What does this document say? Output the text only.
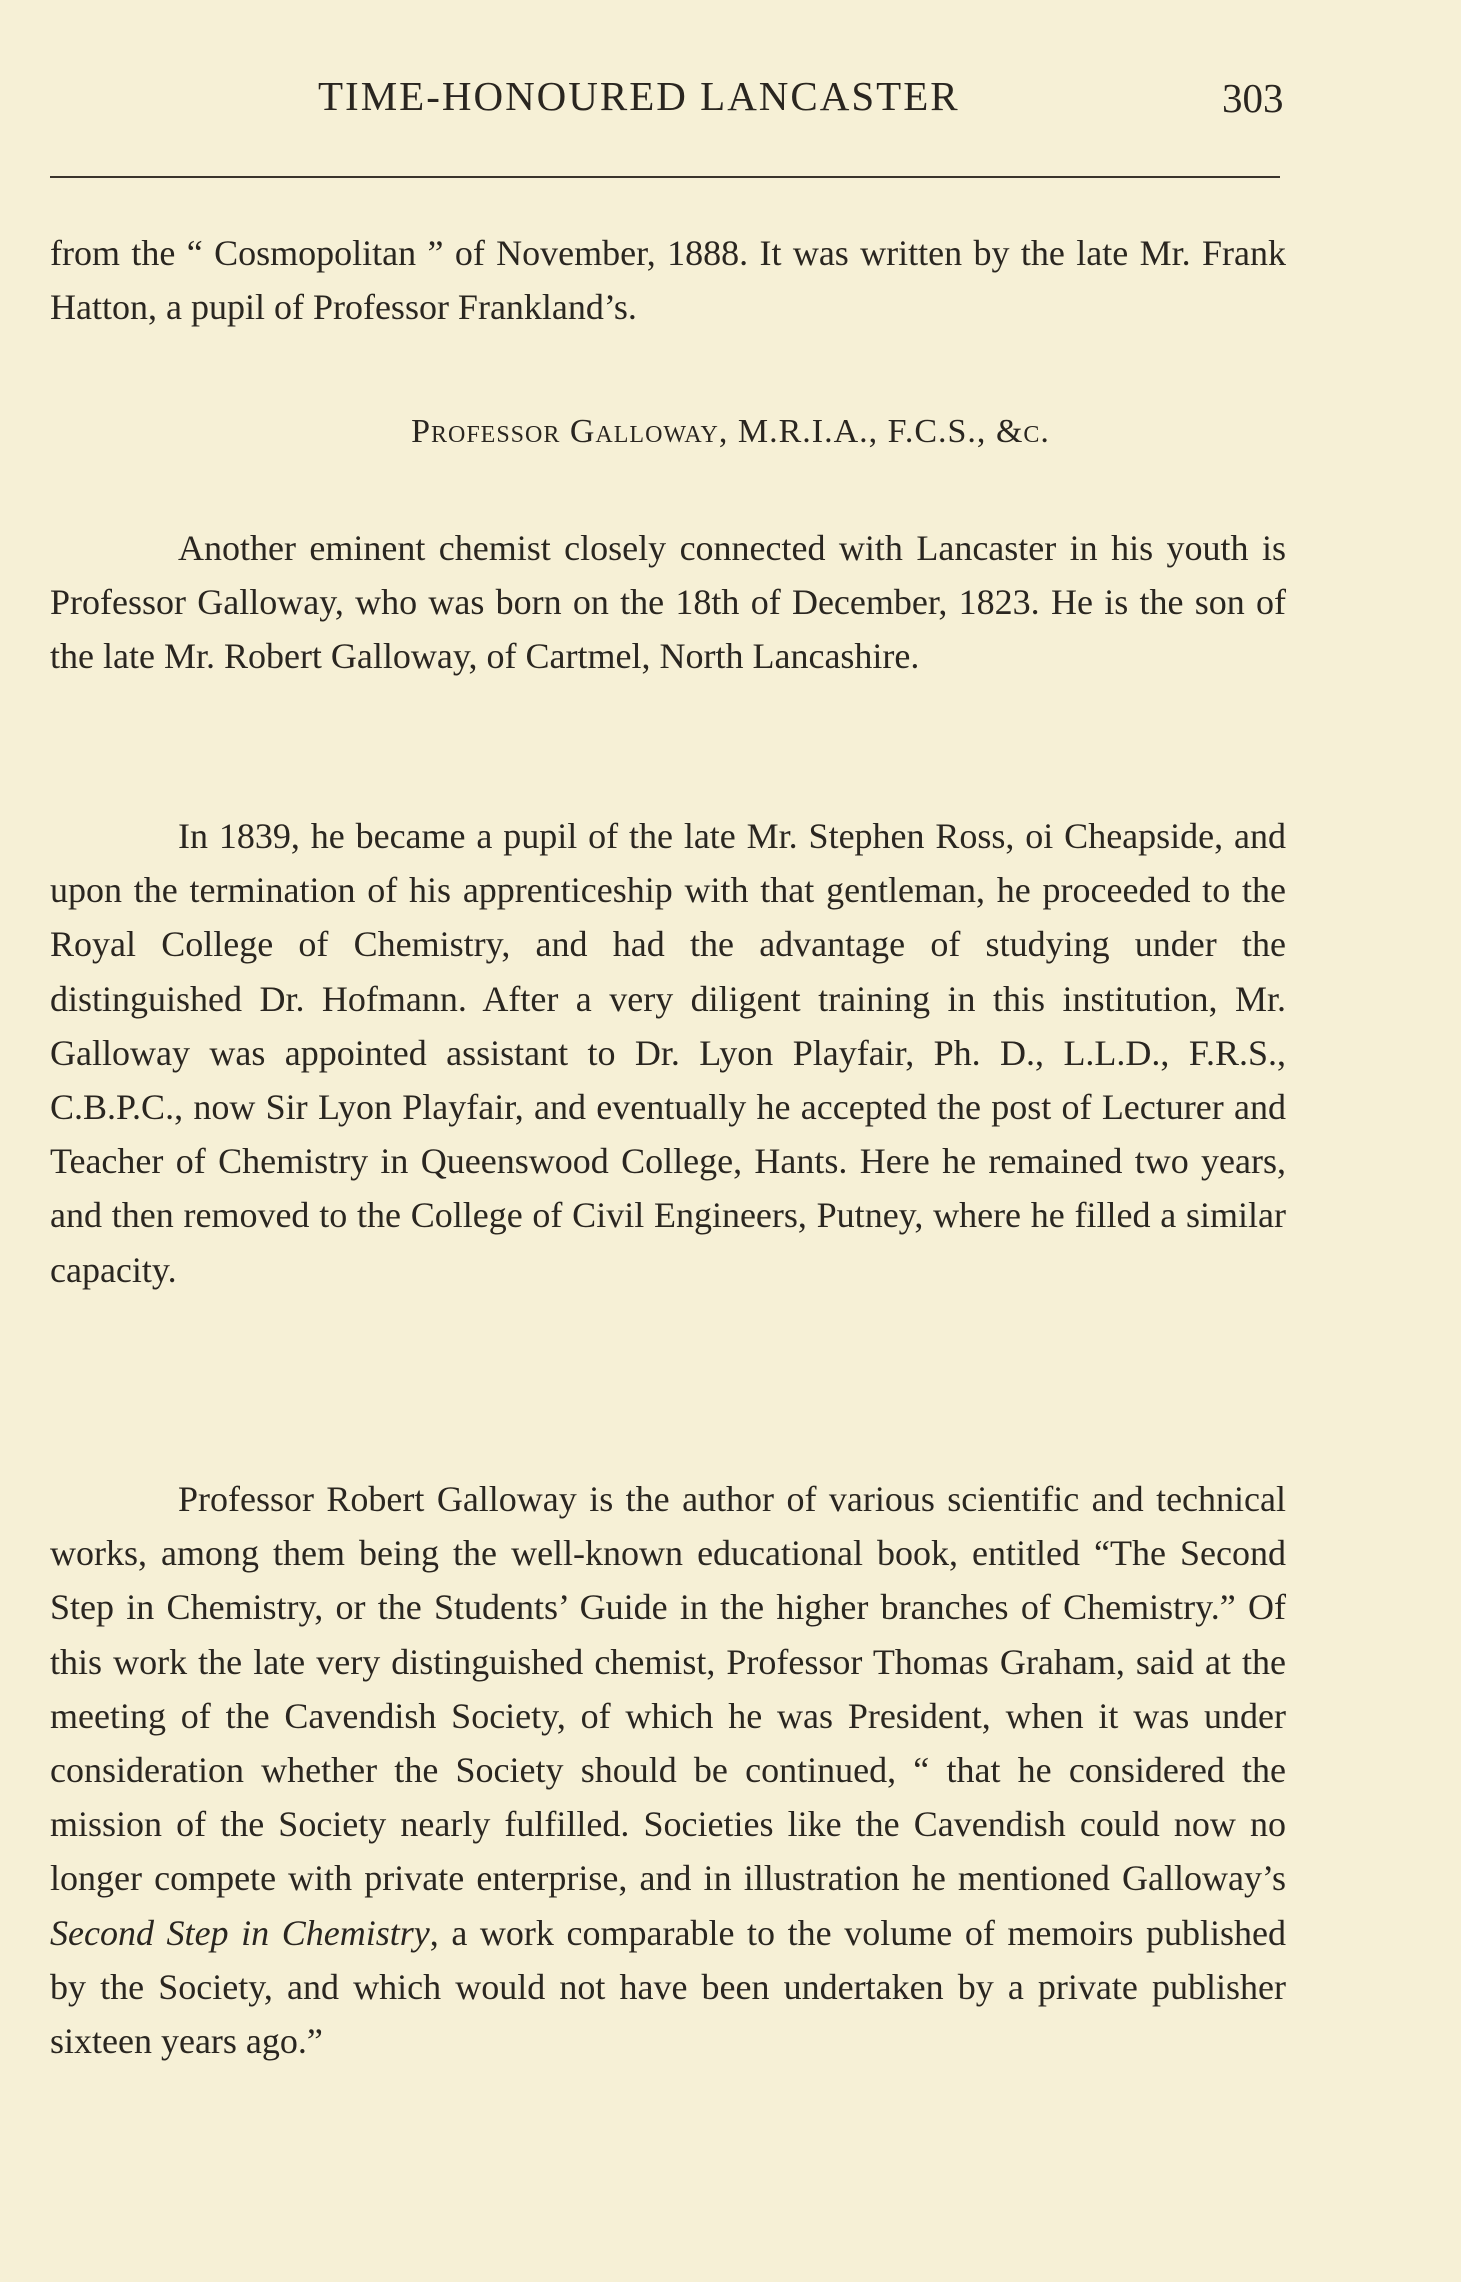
TIME-HONOURED LANCASTER	303

from the “ Cosmopolitan ” of November, 1888. It was written by the late Mr. Frank Hatton, a pupil of Professor Frankland’s.

Professor Galloway, M.R.I.A., F.C.S., &c.

Another eminent chemist closely connected with Lancaster in his youth is Professor Galloway, who was born on the 18th of December, 1823. He is the son of the late Mr. Robert Galloway, of Cartmel, North Lancashire.

In 1839, he became a pupil of the late Mr. Stephen Ross, oi Cheapside, and upon the termination of his apprenticeship with that gentleman, he proceeded to the Royal College of Chemistry, and had the advantage of studying under the distinguished Dr. Hofmann. After a very diligent training in this institution, Mr. Galloway was appointed assistant to Dr. Lyon Playfair, Ph. D., L.L.D., F.R.S., C.B.P.C., now Sir Lyon Playfair, and eventually he accepted the post of Lecturer and Teacher of Chemistry in Queenswood College, Hants. Here he remained two years, and then removed to the College of Civil Engineers, Putney, where he filled a similar capacity.

Professor Robert Galloway is the author of various scientific and technical works, among them being the well-known educational book, entitled “The Second Step in Chemistry, or the Students’ Guide in the higher branches of Chemistry.” Of this work the late very distinguished chemist, Professor Thomas Graham, said at the meeting of the Cavendish Society, of which he was President, when it was under consideration whether the Society should be continued, “ that he considered the mission of the Society nearly fulfilled. Societies like the Cavendish could now no longer compete with private enterprise, and in illustration he mentioned Galloway’s Second Step in Chemistry, a work comparable to the volume of memoirs published by the Society, and which would not have been undertaken by a private publisher sixteen years ago.”
